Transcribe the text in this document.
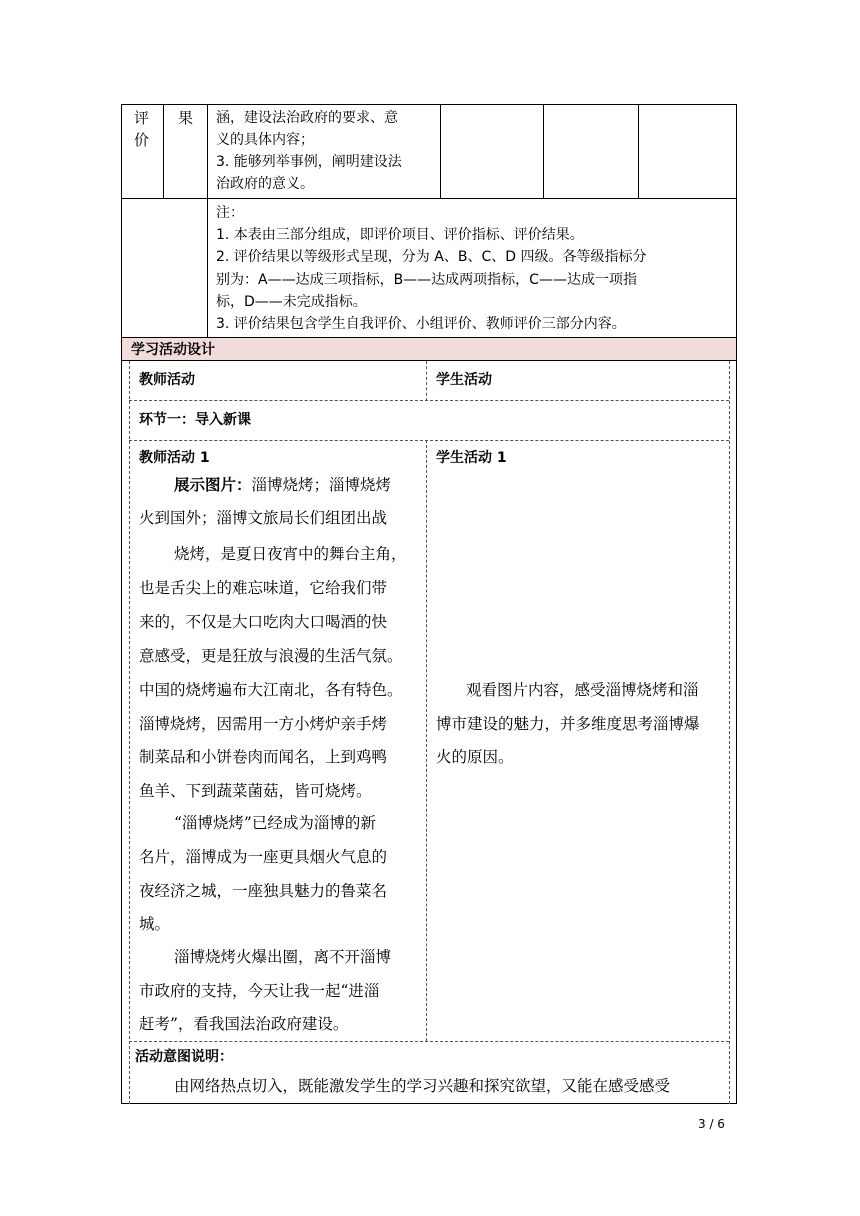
评
价
果 涵，建设法治政府的要求、意
义的具体内容；
3. 能够列举事例，阐明建设法
治政府的意义。
注：
1. 本表由三部分组成，即评价项目、评价指标、评价结果。
2. 评价结果以等级形式呈现，分为 A、B、C、D 四级。各等级指标分
别为：A——达成三项指标，B——达成两项指标，C——达成一项指
标，D——未完成指标。
3. 评价结果包含学生自我评价、小组评价、教师评价三部分内容。
学习活动设计
教师活动	学生活动
环节一：导入新课
教师活动 1	学生活动 1
展示图片：淄博烧烤；淄博烧烤
火到国外；淄博文旅局长们组团出战
烧烤，是夏日夜宵中的舞台主角，
也是舌尖上的难忘味道，它给我们带
来的，不仅是大口吃肉大口喝酒的快
意感受，更是狂放与浪漫的生活气氛。
中国的烧烤遍布大江南北，各有特色。
淄博烧烤，因需用一方小烤炉亲手烤
制菜品和小饼卷肉而闻名，上到鸡鸭
鱼羊、下到蔬菜菌菇，皆可烧烤。
“淄博烧烤”已经成为淄博的新
名片，淄博成为一座更具烟火气息的
夜经济之城，一座独具魅力的鲁菜名
城。
淄博烧烤火爆出圈，离不开淄博
市政府的支持，今天让我一起“进淄
赶考”，看我国法治政府建设。
观看图片内容，感受淄博烧烤和淄
博市建设的魅力，并多维度思考淄博爆
火的原因。
活动意图说明：
由网络热点切入，既能激发学生的学习兴趣和探究欲望，又能在感受感受
3 / 6
